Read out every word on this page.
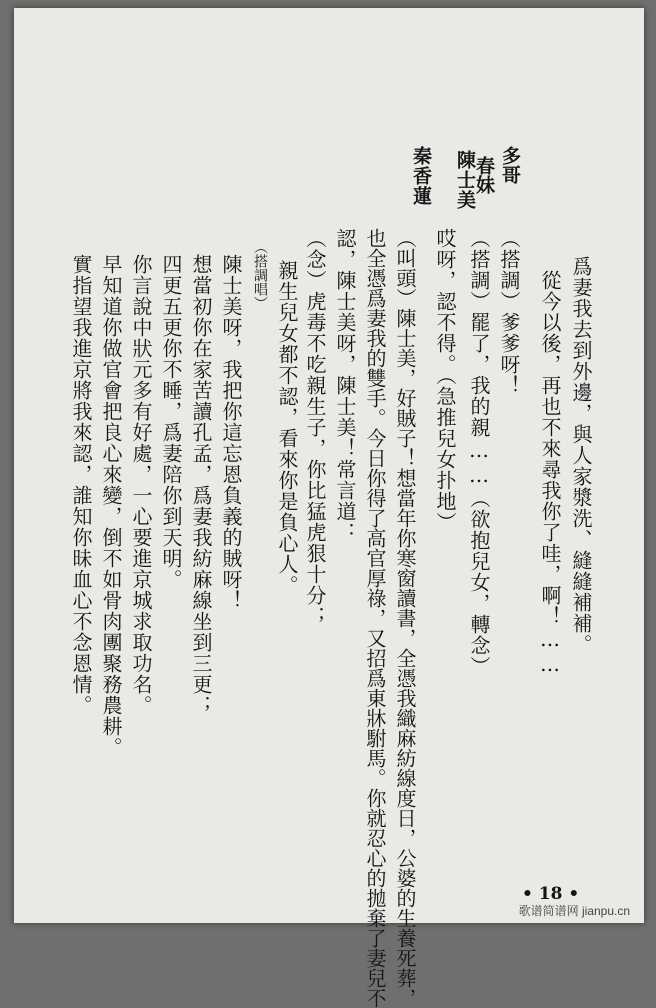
多哥
春妹
陳士美
秦香蓮
爲妻我去到外邊，與人家漿洗、縫縫補補。
從今以後，再也不來尋我你了哇，啊！……
（搭調）爹爹呀！
（搭調）罷了，我的親……（欲抱兒女，轉念）
哎呀，認不得。（急推兒女扑地）
（叫頭）陳士美，好賊子！想當年你寒窗讀書，全憑我織麻紡線度日，公婆的生養死葬，
也全憑爲妻我的雙手。今日你得了高官厚祿，又招爲東牀駙馬。你就忍心的拋棄了妻兒不
認，陳士美呀，陳士美！常言道：
（念）虎毒不吃親生子，你比猛虎狠十分；
親生兒女都不認，看來你是負心人。
（搭調唱）
陳士美呀，我把你這忘恩負義的賊呀！
想當初你在家苦讀孔孟，爲妻我紡麻線坐到三更；
四更五更你不睡，爲妻陪你到天明。
你言說中狀元多有好處，一心要進京城求取功名。
早知道你做官會把良心來變，倒不如骨肉團聚務農耕。
實指望我進京將我來認，誰知你昧血心不念恩情。
• 18 •
歌谱简谱网 jianpu.cn
